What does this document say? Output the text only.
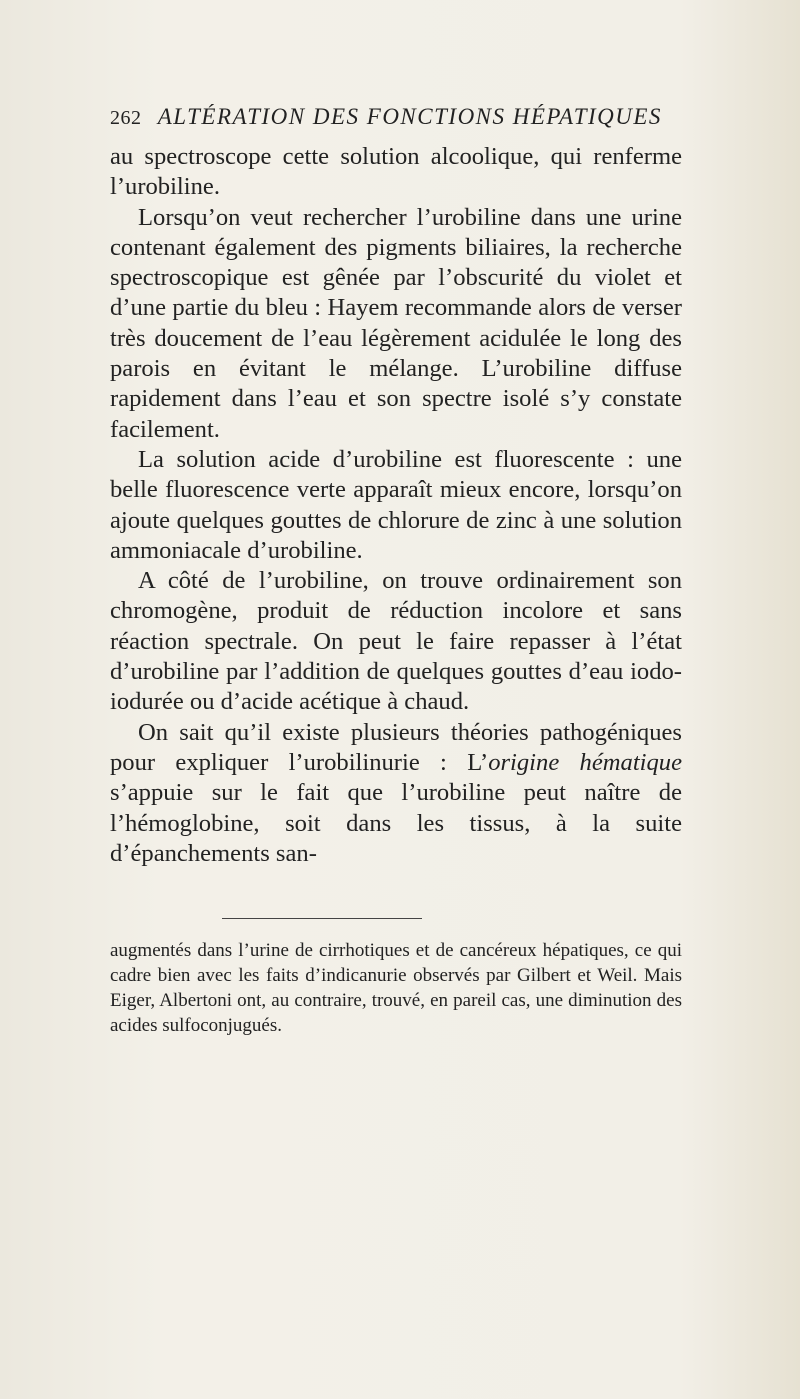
262 ALTÉRATION DES FONCTIONS HÉPATIQUES

au spectroscope cette solution alcoolique, qui renferme l’urobiline.

Lorsqu’on veut rechercher l’urobiline dans une urine contenant également des pigments biliaires, la recherche spectroscopique est gênée par l’obscurité du violet et d’une partie du bleu : Hayem recommande alors de verser très doucement de l’eau légèrement acidulée le long des parois en évitant le mélange. L’urobiline diffuse rapidement dans l’eau et son spectre isolé s’y constate facilement.

La solution acide d’urobiline est fluorescente : une belle fluorescence verte apparaît mieux encore, lorsqu’on ajoute quelques gouttes de chlorure de zinc à une solution ammoniacale d’urobiline.

A côté de l’urobiline, on trouve ordinairement son chromogène, produit de réduction incolore et sans réaction spectrale. On peut le faire repasser à l’état d’urobiline par l’addition de quelques gouttes d’eau iodo-iodurée ou d’acide acétique à chaud.

On sait qu’il existe plusieurs théories pathogéniques pour expliquer l’urobilinurie : L’origine hématique s’appuie sur le fait que l’urobiline peut naître de l’hémoglobine, soit dans les tissus, à la suite d’épanchements san-

augmentés dans l’urine de cirrhotiques et de cancéreux hépatiques, ce qui cadre bien avec les faits d’indicanurie observés par Gilbert et Weil. Mais Eiger, Albertoni ont, au contraire, trouvé, en pareil cas, une diminution des acides sulfoconjugués.
